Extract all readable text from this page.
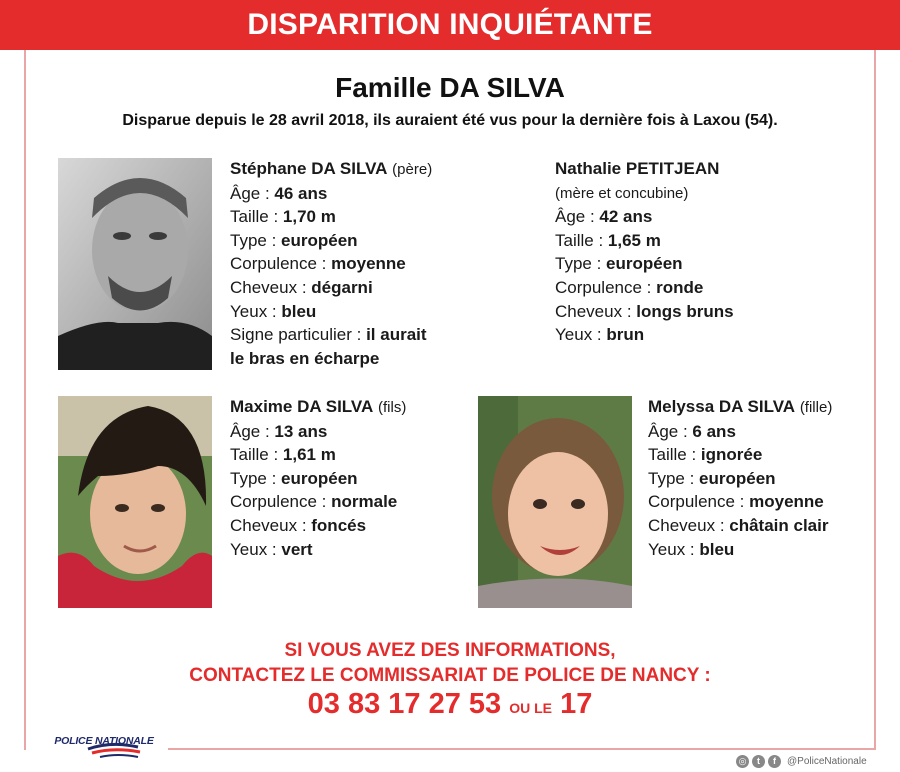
DISPARITION INQUIÉTANTE
Famille DA SILVA
Disparue depuis le 28 avril 2018, ils auraient été vus pour la dernière fois à Laxou (54).
Stéphane DA SILVA (père)
Âge : 46 ans
Taille : 1,70 m
Type : européen
Corpulence : moyenne
Cheveux : dégarni
Yeux : bleu
Signe particulier : il aurait
le bras en écharpe
Nathalie PETITJEAN
(mère et concubine)
Âge : 42 ans
Taille : 1,65 m
Type : européen
Corpulence : ronde
Cheveux : longs bruns
Yeux : brun
Maxime DA SILVA (fils)
Âge : 13 ans
Taille : 1,61 m
Type : européen
Corpulence : normale
Cheveux : foncés
Yeux : vert
Melyssa DA SILVA (fille)
Âge : 6 ans
Taille : ignorée
Type : européen
Corpulence : moyenne
Cheveux : châtain clair
Yeux : bleu
SI VOUS AVEZ DES INFORMATIONS,
CONTACTEZ LE COMMISSARIAT DE POLICE DE NANCY :
03 83 17 27 53 OU LE 17
POLICE NATIONALE
◎	t	f	@PoliceNationale
